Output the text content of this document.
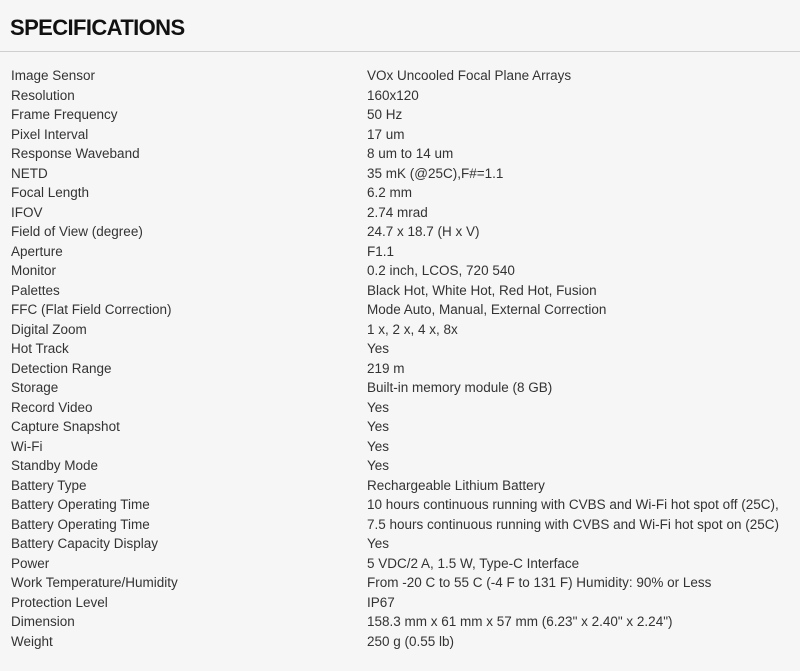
SPECIFICATIONS
Image Sensor	VOx Uncooled Focal Plane Arrays
Resolution	160x120
Frame Frequency	50 Hz
Pixel Interval	17 um
Response Waveband	8 um to 14 um
NETD	35 mK (@25C),F#=1.1
Focal Length	6.2 mm
IFOV	2.74 mrad
Field of View (degree)	24.7 x 18.7 (H x V)
Aperture	F1.1
Monitor	0.2 inch, LCOS, 720 540
Palettes	Black Hot, White Hot, Red Hot, Fusion
FFC (Flat Field Correction)	Mode Auto, Manual, External Correction
Digital Zoom	1 x, 2 x, 4 x, 8x
Hot Track	Yes
Detection Range	219 m
Storage	Built-in memory module (8 GB)
Record Video	Yes
Capture Snapshot	Yes
Wi-Fi	Yes
Standby Mode	Yes
Battery Type	Rechargeable Lithium Battery
Battery Operating Time	10 hours continuous running with CVBS and Wi-Fi hot spot off (25C),
Battery Operating Time	7.5 hours continuous running with CVBS and Wi-Fi hot spot on (25C)
Battery Capacity Display	Yes
Power	5 VDC/2 A, 1.5 W, Type-C Interface
Work Temperature/Humidity	From -20 C to 55 C (-4 F to 131 F) Humidity: 90% or Less
Protection Level	IP67
Dimension	158.3 mm x 61 mm x 57 mm (6.23" x 2.40" x 2.24")
Weight	250 g (0.55 lb)
